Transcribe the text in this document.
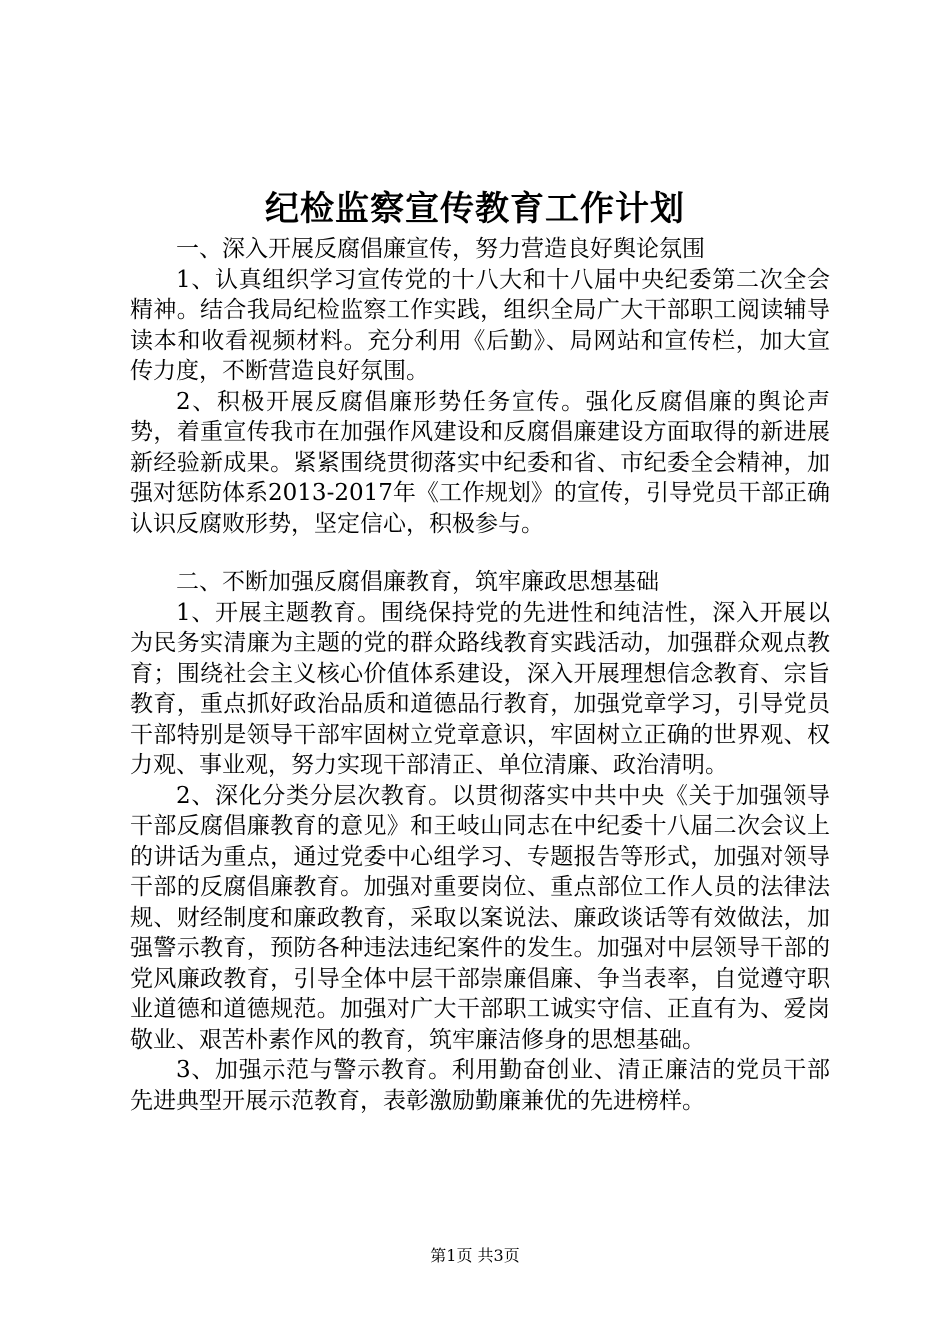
纪检监察宣传教育工作计划

一、深入开展反腐倡廉宣传，努力营造良好舆论氛围

1、认真组织学习宣传党的十八大和十八届中央纪委第二次全会精神。结合我局纪检监察工作实践，组织全局广大干部职工阅读辅导读本和收看视频材料。充分利用《后勤》、局网站和宣传栏，加大宣传力度，不断营造良好氛围。

2、积极开展反腐倡廉形势任务宣传。强化反腐倡廉的舆论声势，着重宣传我市在加强作风建设和反腐倡廉建设方面取得的新进展新经验新成果。紧紧围绕贯彻落实中纪委和省、市纪委全会精神，加强对惩防体系2013-2017年《工作规划》的宣传，引导党员干部正确认识反腐败形势，坚定信心，积极参与。

二、不断加强反腐倡廉教育，筑牢廉政思想基础

1、开展主题教育。围绕保持党的先进性和纯洁性，深入开展以为民务实清廉为主题的党的群众路线教育实践活动，加强群众观点教育；围绕社会主义核心价值体系建设，深入开展理想信念教育、宗旨教育，重点抓好政治品质和道德品行教育，加强党章学习，引导党员干部特别是领导干部牢固树立党章意识，牢固树立正确的世界观、权力观、事业观，努力实现干部清正、单位清廉、政治清明。

2、深化分类分层次教育。以贯彻落实中共中央《关于加强领导干部反腐倡廉教育的意见》和王岐山同志在中纪委十八届二次会议上的讲话为重点，通过党委中心组学习、专题报告等形式，加强对领导干部的反腐倡廉教育。加强对重要岗位、重点部位工作人员的法律法规、财经制度和廉政教育，采取以案说法、廉政谈话等有效做法，加强警示教育，预防各种违法违纪案件的发生。加强对中层领导干部的党风廉政教育，引导全体中层干部崇廉倡廉、争当表率，自觉遵守职业道德和道德规范。加强对广大干部职工诚实守信、正直有为、爱岗敬业、艰苦朴素作风的教育，筑牢廉洁修身的思想基础。

3、加强示范与警示教育。利用勤奋创业、清正廉洁的党员干部先进典型开展示范教育，表彰激励勤廉兼优的先进榜样。

第1页 共3页
